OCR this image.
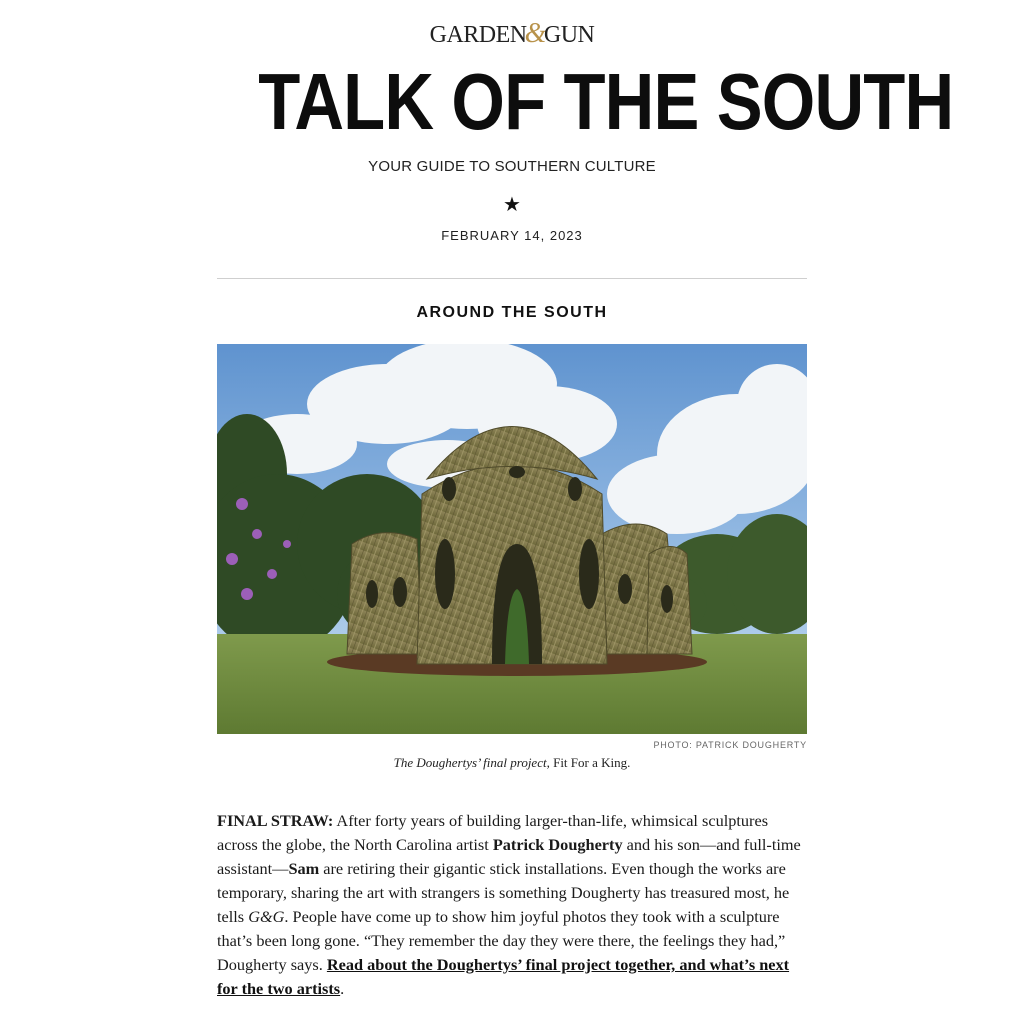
GARDEN&GUN
TALK OF THE SOUTH
YOUR GUIDE TO SOUTHERN CULTURE
★
FEBRUARY 14, 2023
AROUND THE SOUTH
PHOTO: PATRICK DOUGHERTY
The Doughertys’ final project, Fit For a King.
FINAL STRAW: After forty years of building larger-than-life, whimsical sculptures across the globe, the North Carolina artist Patrick Dougherty and his son—and full-time assistant—Sam are retiring their gigantic stick installations. Even though the works are temporary, sharing the art with strangers is something Dougherty has treasured most, he tells G&G. People have come up to show him joyful photos they took with a sculpture that’s been long gone. “They remember the day they were there, the feelings they had,” Dougherty says. Read about the Doughertys’ final project together, and what’s next for the two artists.
